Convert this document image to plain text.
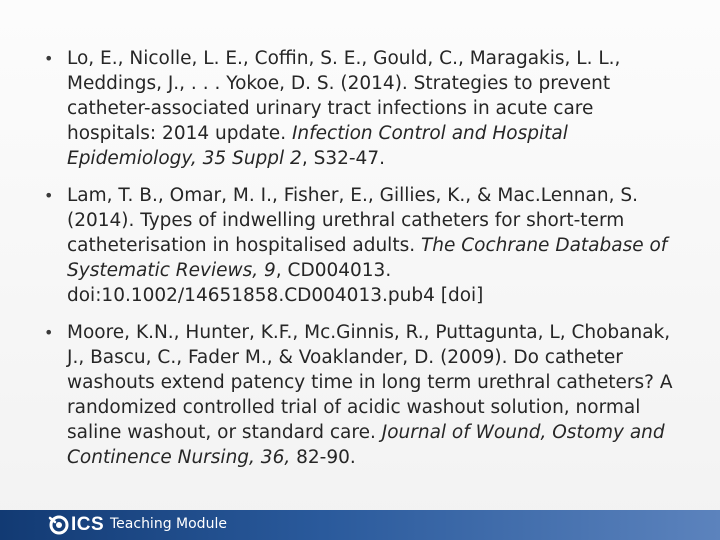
• Lo, E., Nicolle, L. E., Coffin, S. E., Gould, C., Maragakis, L. L., Meddings, J., . . . Yokoe, D. S. (2014). Strategies to prevent catheter-associated urinary tract infections in acute care hospitals: 2014 update. Infection Control and Hospital Epidemiology, 35 Suppl 2, S32-47.
• Lam, T. B., Omar, M. I., Fisher, E., Gillies, K., & Mac.Lennan, S. (2014). Types of indwelling urethral catheters for short-term catheterisation in hospitalised adults. The Cochrane Database of Systematic Reviews, 9, CD004013. doi:10.1002/14651858.CD004013.pub4 [doi]
• Moore, K.N., Hunter, K.F., Mc.Ginnis, R., Puttagunta, L, Chobanak, J., Bascu, C., Fader M., & Voaklander, D. (2009). Do catheter washouts extend patency time in long term urethral catheters? A randomized controlled trial of acidic washout solution, normal saline washout, or standard care. Journal of Wound, Ostomy and Continence Nursing, 36, 82-90.
ICS Teaching Module
